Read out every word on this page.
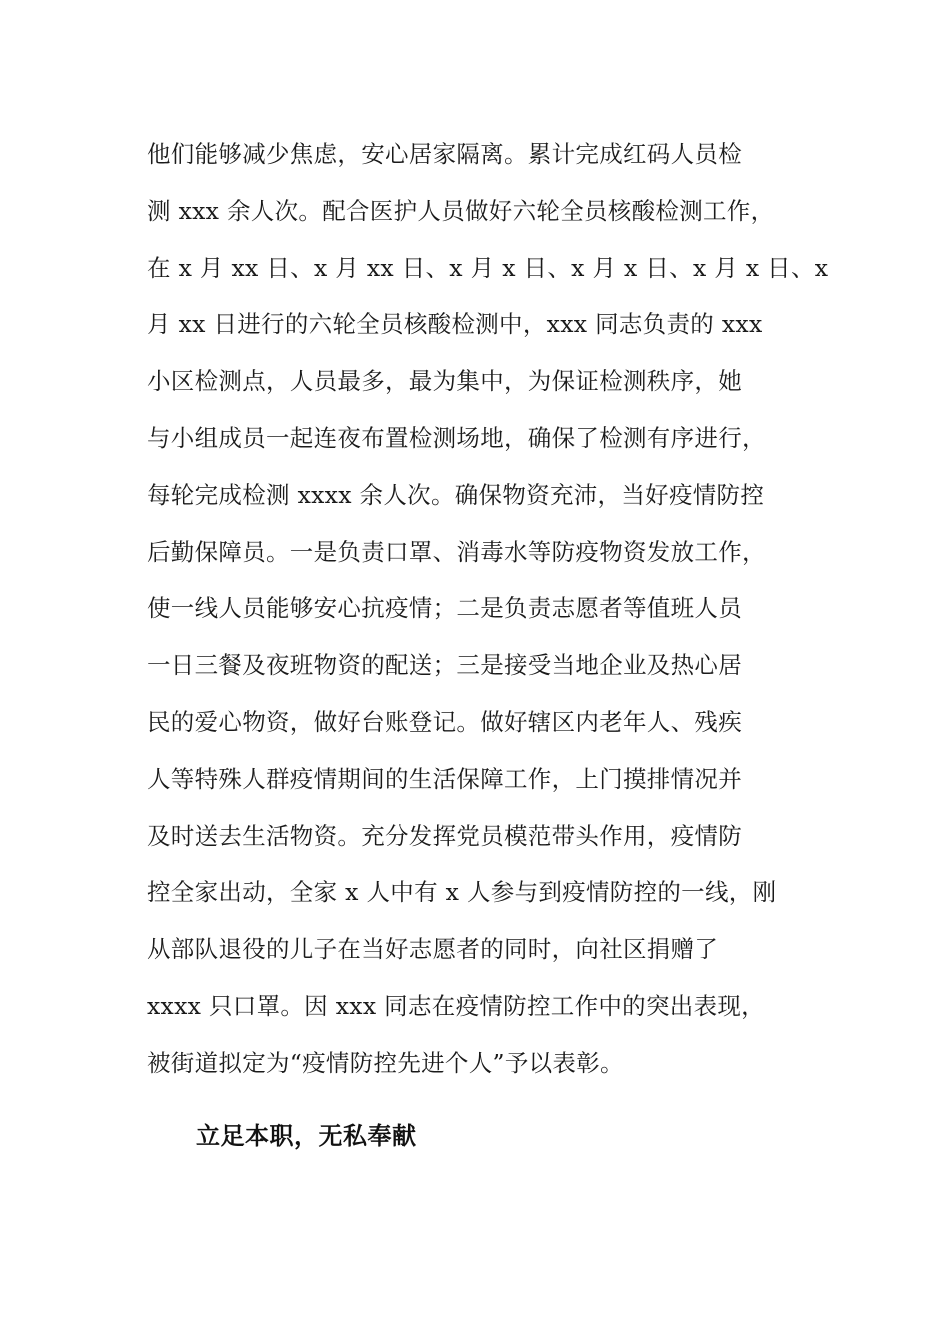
他们能够减少焦虑，安心居家隔离。累计完成红码人员检
测 xxx 余人次。配合医护人员做好六轮全员核酸检测工作，
在 x 月 xx 日、x 月 xx 日、x 月 x 日、x 月 x 日、x 月 x 日、x
月 xx 日进行的六轮全员核酸检测中，xxx 同志负责的 xxx
小区检测点，人员最多，最为集中，为保证检测秩序，她
与小组成员一起连夜布置检测场地，确保了检测有序进行，
每轮完成检测 xxxx 余人次。确保物资充沛，当好疫情防控
后勤保障员。一是负责口罩、消毒水等防疫物资发放工作，
使一线人员能够安心抗疫情；二是负责志愿者等值班人员
一日三餐及夜班物资的配送；三是接受当地企业及热心居
民的爱心物资，做好台账登记。做好辖区内老年人、残疾
人等特殊人群疫情期间的生活保障工作，上门摸排情况并
及时送去生活物资。充分发挥党员模范带头作用，疫情防
控全家出动，全家 x 人中有 x 人参与到疫情防控的一线，刚
从部队退役的儿子在当好志愿者的同时，向社区捐赠了
xxxx 只口罩。因 xxx 同志在疫情防控工作中的突出表现，
被街道拟定为“疫情防控先进个人”予以表彰。
立足本职，无私奉献
